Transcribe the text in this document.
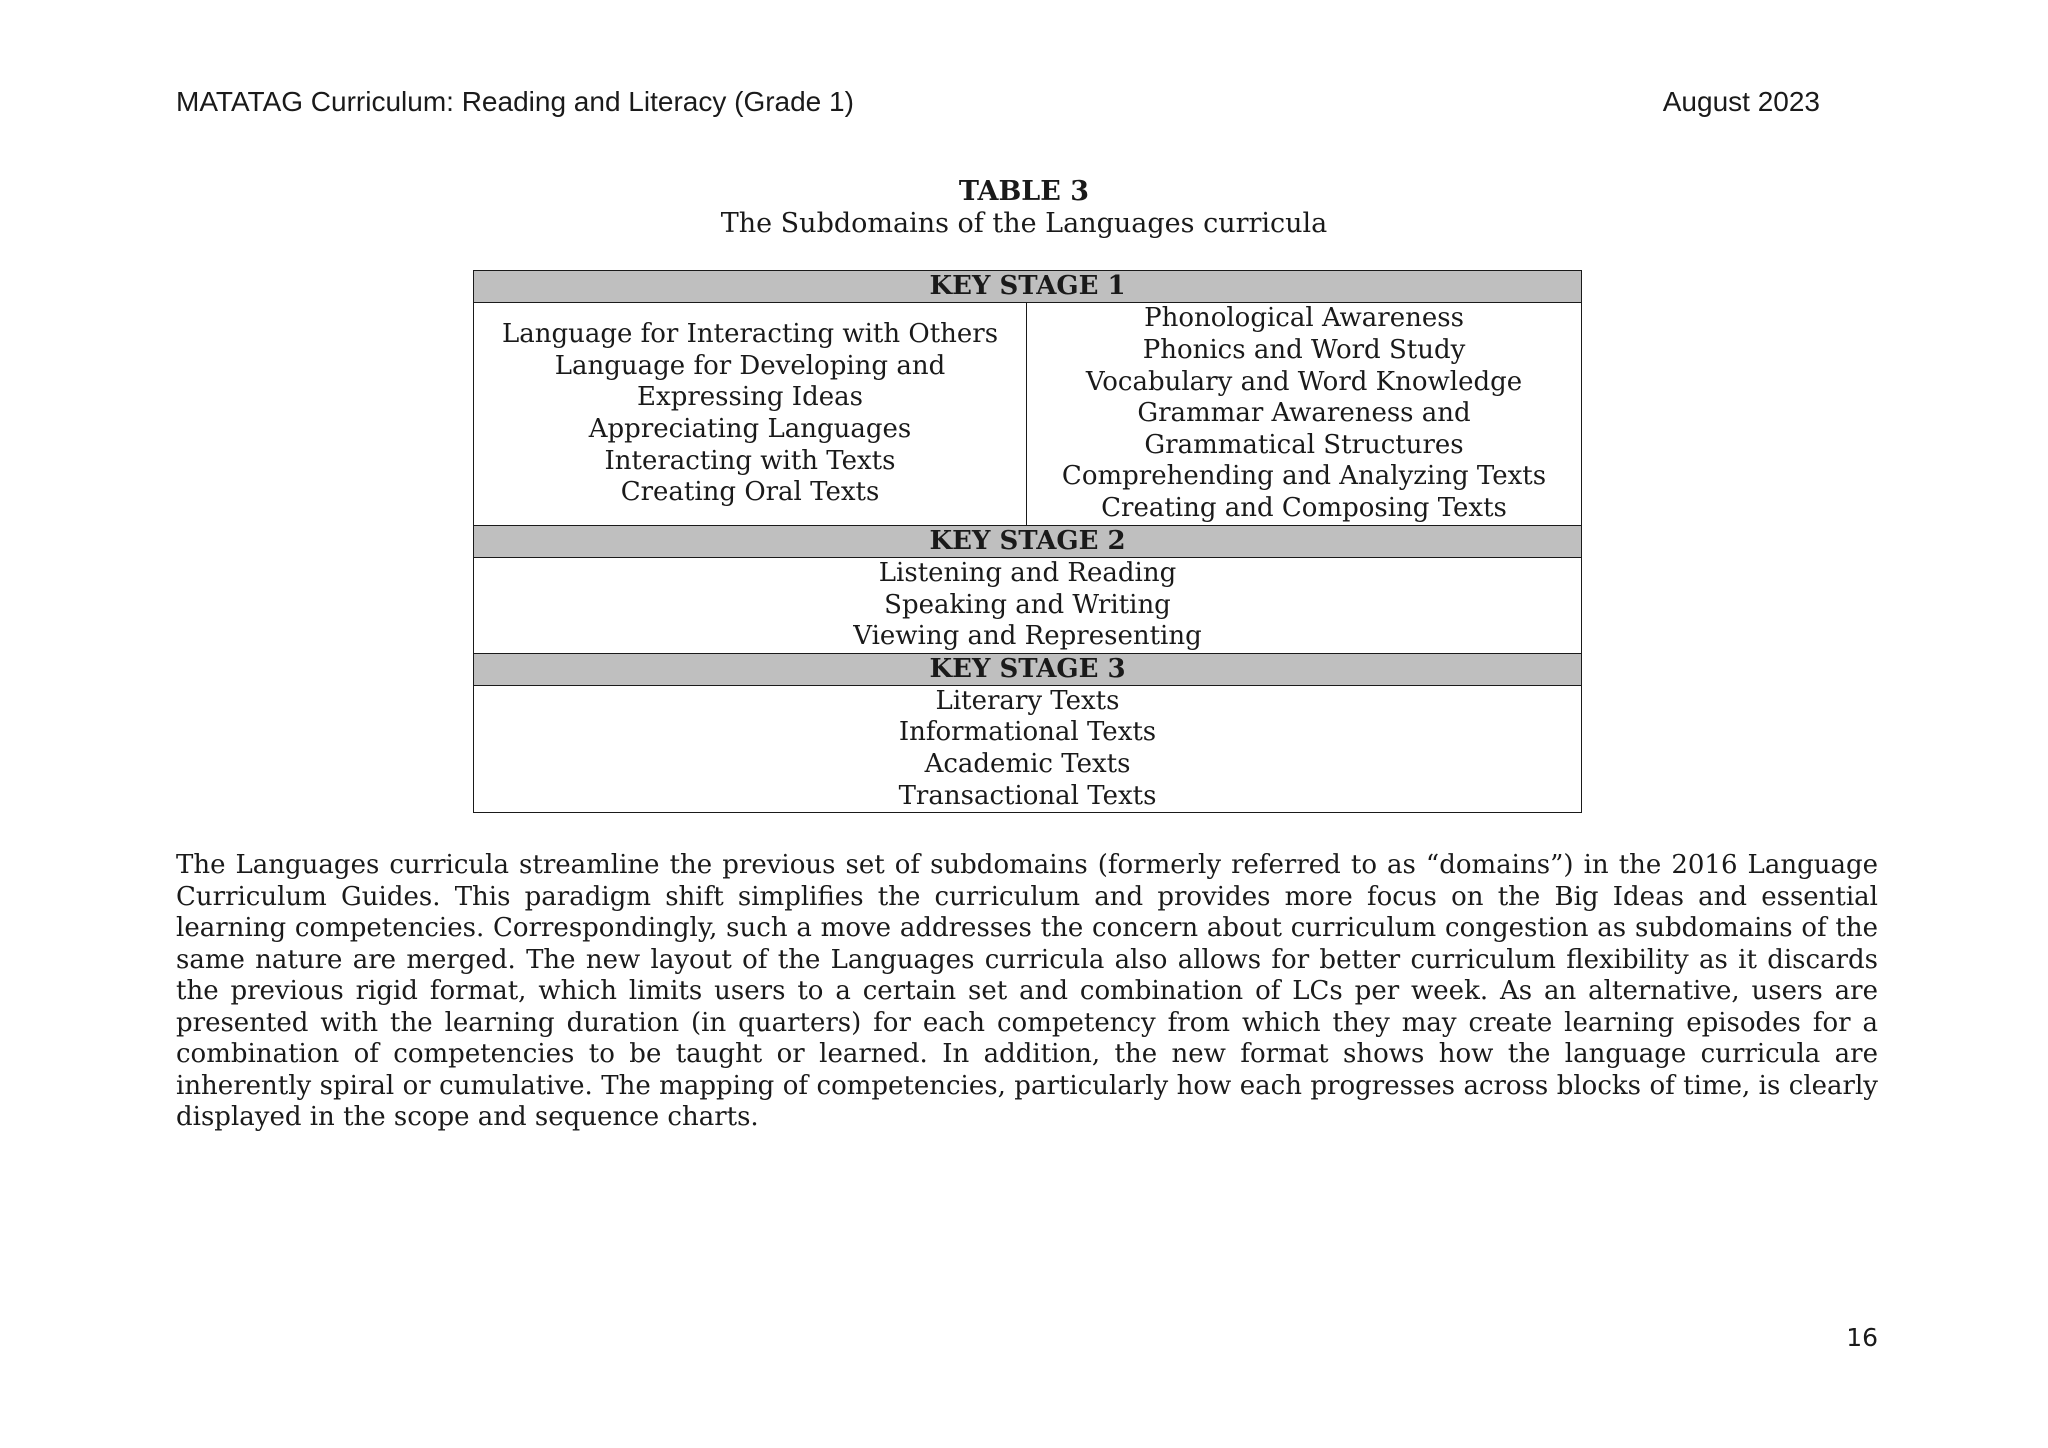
MATATAG Curriculum: Reading and Literacy (Grade 1)	August 2023
TABLE 3
The Subdomains of the Languages curricula
KEY STAGE 1

Language for Interacting with Others
Language for Developing and
Expressing Ideas
Appreciating Languages
Interacting with Texts
Creating Oral Texts

Phonological Awareness
Phonics and Word Study
Vocabulary and Word Knowledge
Grammar Awareness and
Grammatical Structures
Comprehending and Analyzing Texts
Creating and Composing Texts

KEY STAGE 2

Listening and Reading
Speaking and Writing
Viewing and Representing

KEY STAGE 3

Literary Texts
Informational Texts
Academic Texts
Transactional Texts

The Languages curricula streamline the previous set of subdomains (formerly referred to as “domains”) in the 2016 Language Curriculum Guides. This paradigm shift simplifies the curriculum and provides more focus on the Big Ideas and essential learning competencies. Correspondingly, such a move addresses the concern about curriculum congestion as subdomains of the same nature are merged. The new layout of the Languages curricula also allows for better curriculum flexibility as it discards the previous rigid format, which limits users to a certain set and combination of LCs per week. As an alternative, users are presented with the learning duration (in quarters) for each competency from which they may create learning episodes for a combination of competencies to be taught or learned. In addition, the new format shows how the language curricula are inherently spiral or cumulative. The mapping of competencies, particularly how each progresses across blocks of time, is clearly displayed in the scope and sequence charts.

16
